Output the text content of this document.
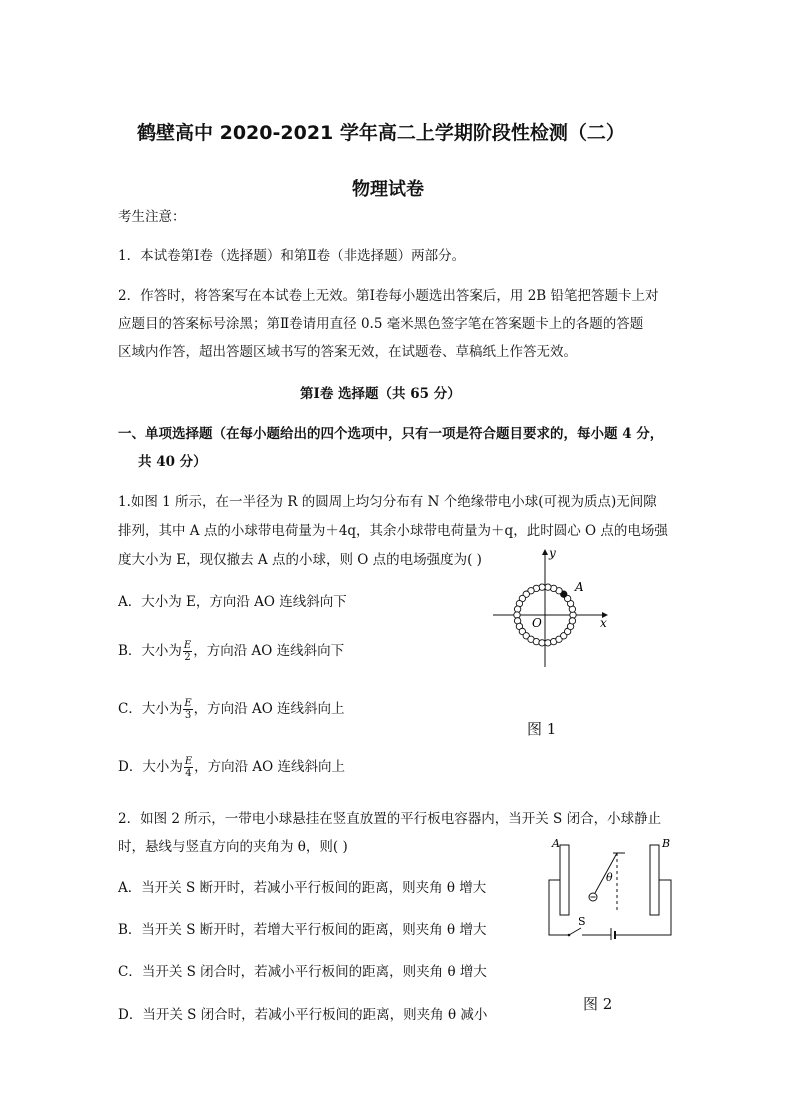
鹤壁高中 2020-2021 学年高二上学期阶段性检测（二）
物理试卷
考生注意：
1．本试卷第Ⅰ卷（选择题）和第Ⅱ卷（非选择题）两部分。
2．作答时，将答案写在本试卷上无效。第Ⅰ卷每小题选出答案后，用 2B 铅笔把答题卡上对
应题目的答案标号涂黑；第Ⅱ卷请用直径 0.5 毫米黑色签字笔在答案题卡上的各题的答题
区域内作答，超出答题区域书写的答案无效，在试题卷、草稿纸上作答无效。
第Ⅰ卷 选择题（共 65 分）
一、单项选择题（在每小题给出的四个选项中，只有一项是符合题目要求的，每小题 4 分，
共 40 分）
1.如图 1 所示，在一半径为 R 的圆周上均匀分布有 N 个绝缘带电小球(可视为质点)无间隙
排列，其中 A 点的小球带电荷量为＋4q，其余小球带电荷量为＋q，此时圆心 O 点的电场强
度大小为 E，现仅撤去 A 点的小球，则 O 点的电场强度为( )
A．大小为 E，方向沿 AO 连线斜向下
B．大小为 $\frac{E}{2}$ ，方向沿 AO 连线斜向下
C．大小为 $\frac{E}{3}$ ，方向沿 AO 连线斜向上
D．大小为 $\frac{E}{4}$ ，方向沿 AO 连线斜向上
y
x
A
O
图 1
2．如图 2 所示，一带电小球悬挂在竖直放置的平行板电容器内，当开关 S 闭合，小球静止
时，悬线与竖直方向的夹角为 θ，则( )
A．当开关 S 断开时，若减小平行板间的距离，则夹角 θ 增大
B．当开关 S 断开时，若增大平行板间的距离，则夹角 θ 增大
C．当开关 S 闭合时，若减小平行板间的距离，则夹角 θ 增大
D．当开关 S 闭合时，若减小平行板间的距离，则夹角 θ 减小
θ
A	B
S
图 2
